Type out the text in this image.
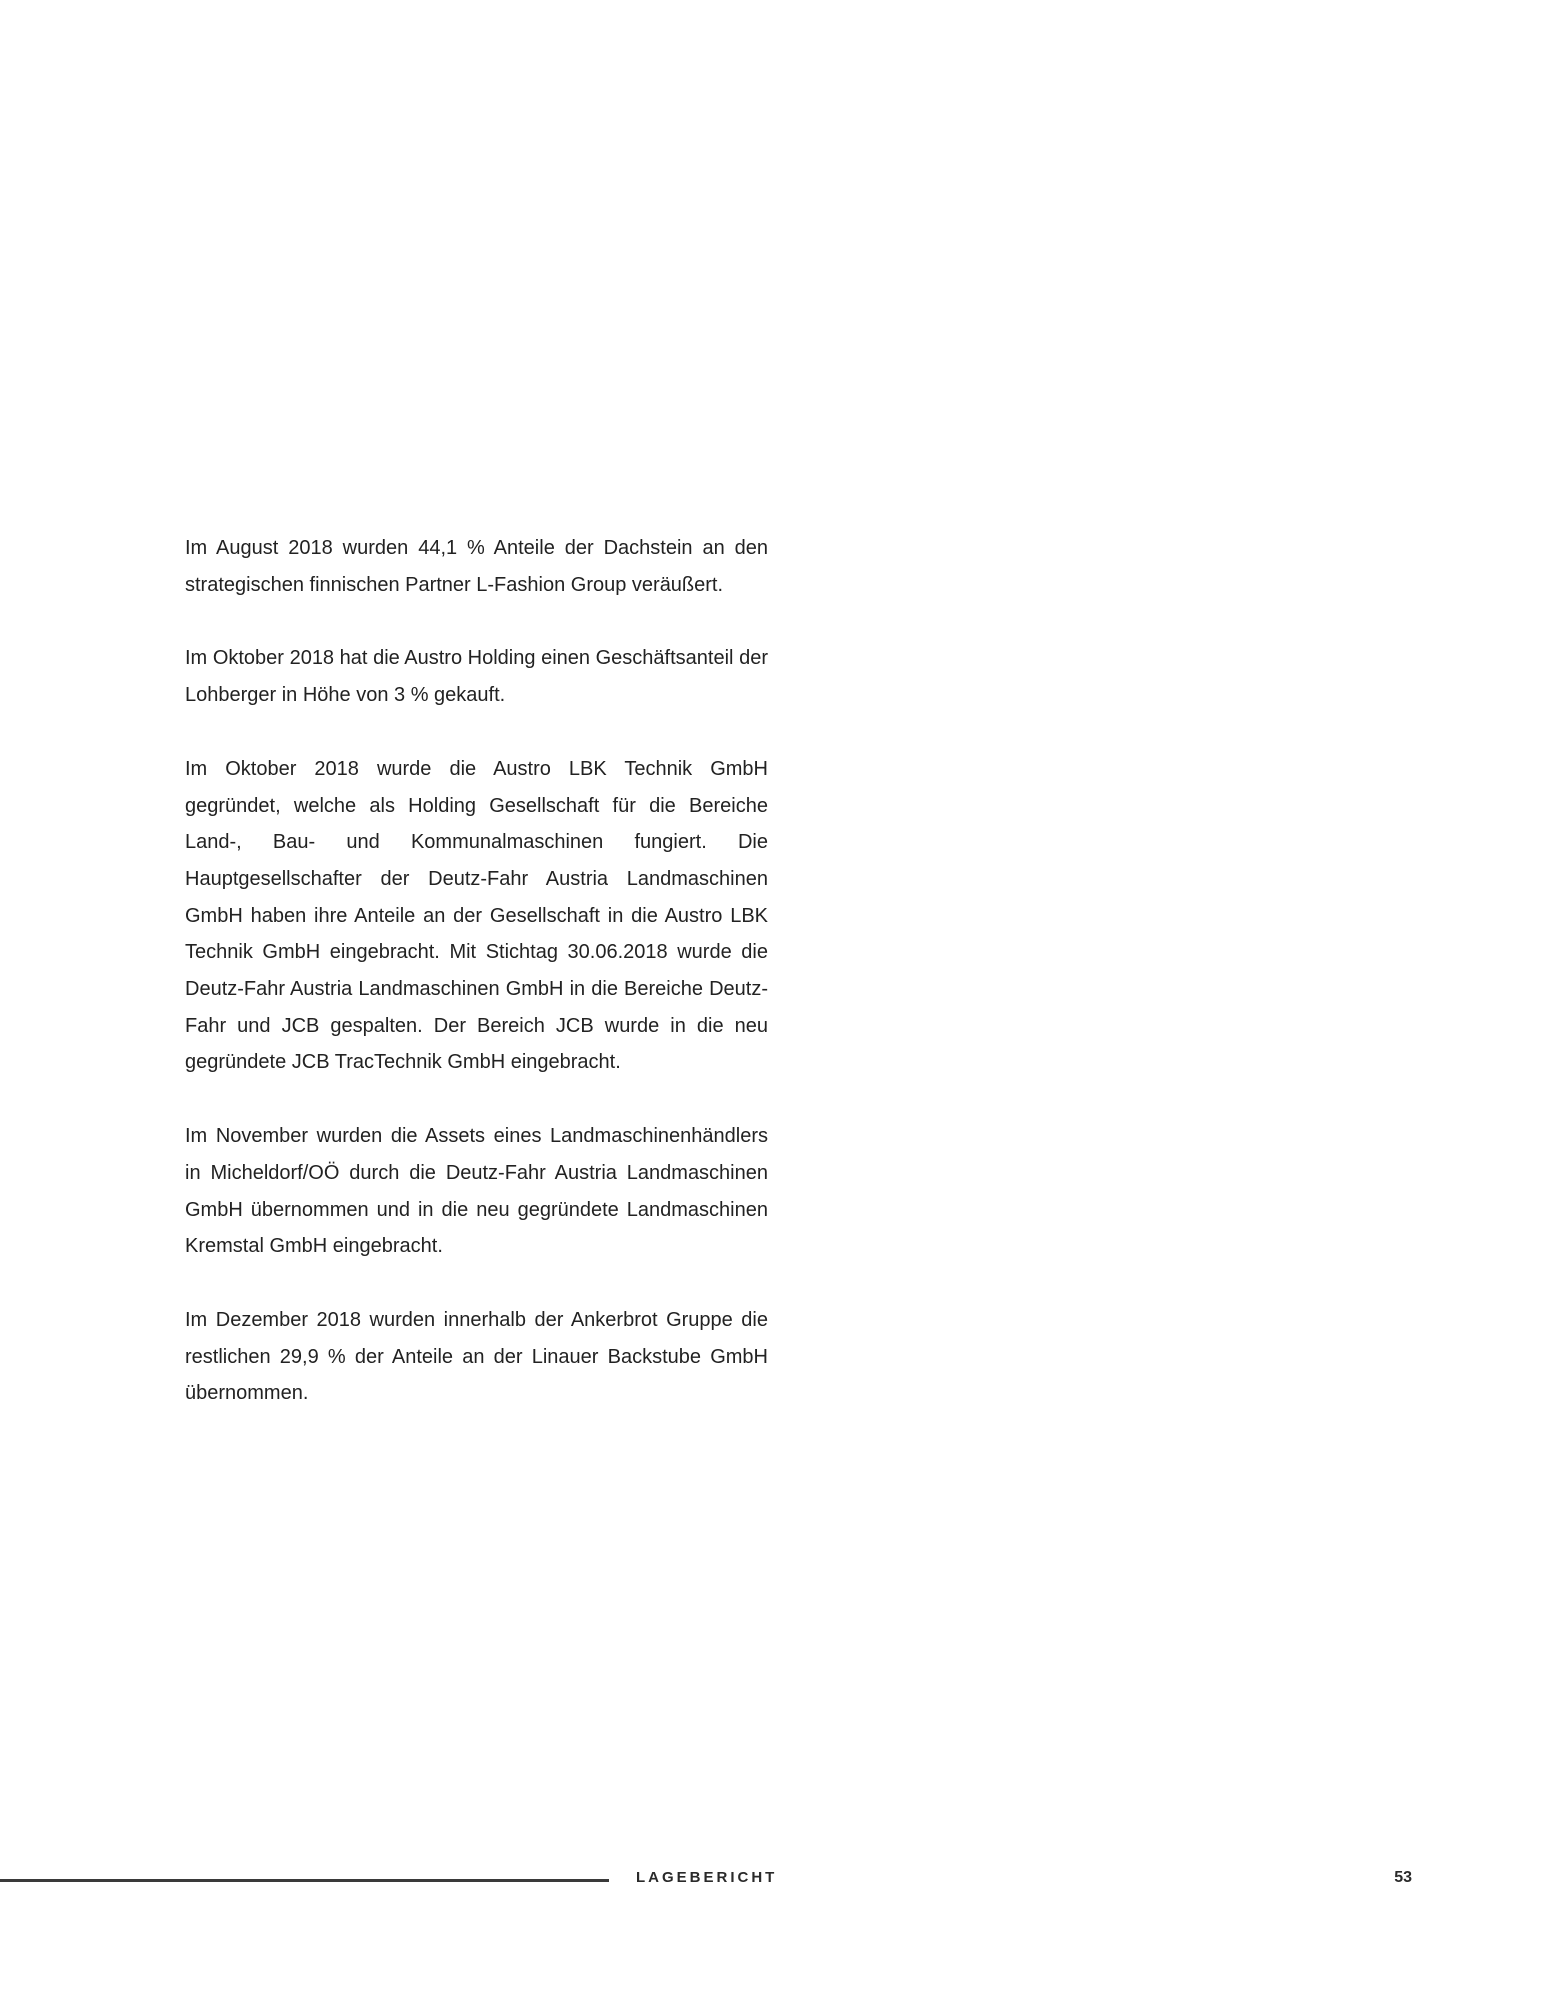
Im August 2018 wurden 44,1 % Anteile der Dachstein an den strategischen finnischen Partner L-Fashion Group veräußert.

Im Oktober 2018 hat die Austro Holding einen Geschäftsanteil der Lohberger in Höhe von 3 % gekauft.

Im Oktober 2018 wurde die Austro LBK Technik GmbH gegründet, welche als Holding Gesellschaft für die Bereiche Land-, Bau- und Kommunalmaschinen fungiert. Die Hauptgesellschafter der Deutz-Fahr Austria Landmaschinen GmbH haben ihre Anteile an der Gesellschaft in die Austro LBK Technik GmbH eingebracht. Mit Stichtag 30.06.2018 wurde die Deutz-Fahr Austria Landmaschinen GmbH in die Bereiche Deutz-Fahr und JCB gespalten. Der Bereich JCB wurde in die neu gegründete JCB TracTechnik GmbH eingebracht.

Im November wurden die Assets eines Landmaschinenhändlers in Micheldorf/OÖ durch die Deutz-Fahr Austria Landmaschinen GmbH übernommen und in die neu gegründete Landmaschinen Kremstal GmbH eingebracht.

Im Dezember 2018 wurden innerhalb der Ankerbrot Gruppe die restlichen 29,9 % der Anteile an der Linauer Backstube GmbH übernommen.

LAGEBERICHT	53
